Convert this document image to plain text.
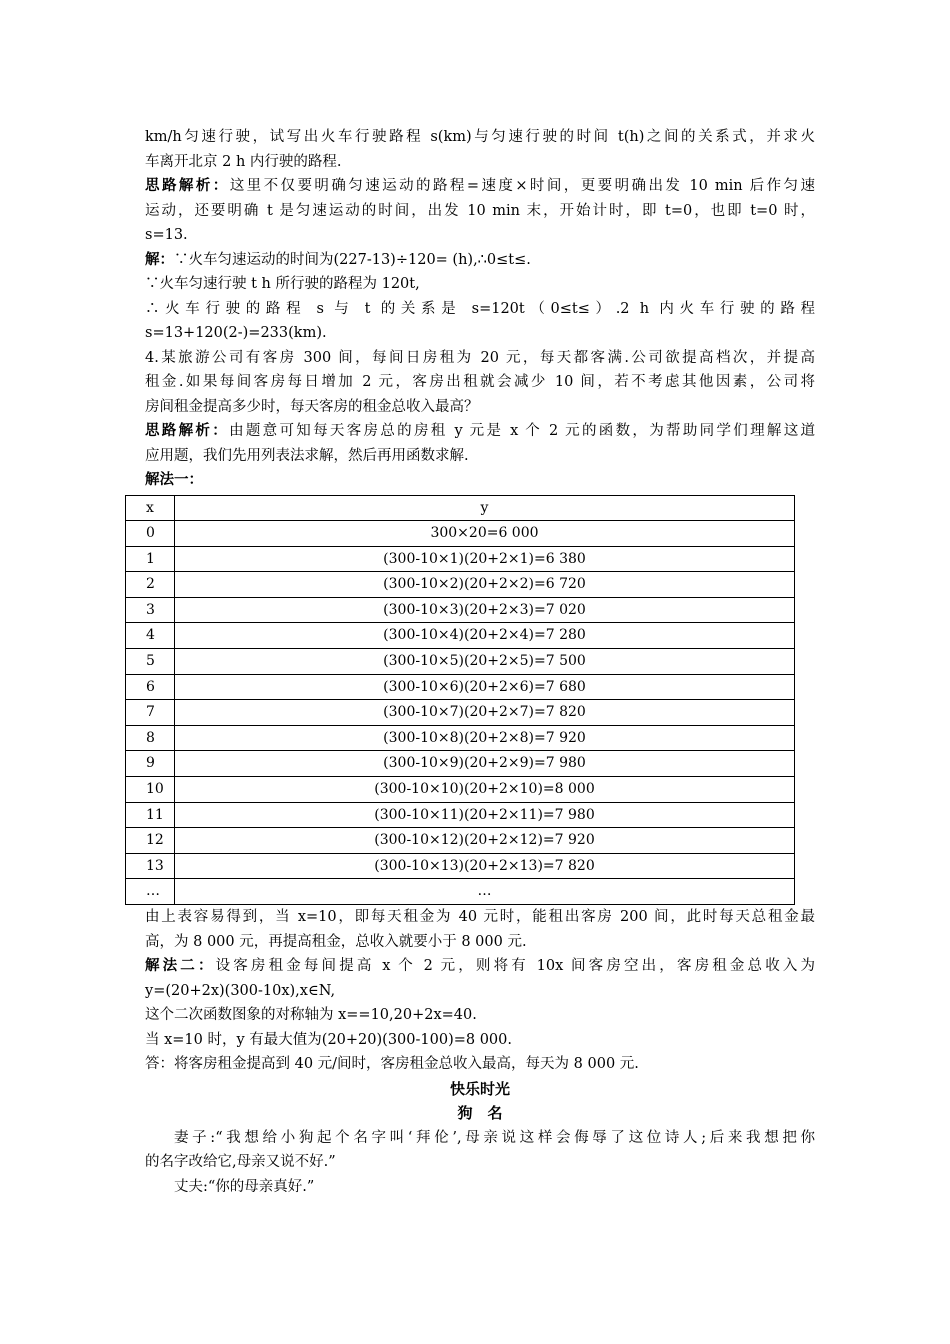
km/h匀速行驶，试写出火车行驶路程 s(km)与匀速行驶的时间 t(h)之间的关系式，并求火

车离开北京 2 h 内行驶的路程.

思路解析：这里不仅要明确匀速运动的路程=速度×时间，更要明确出发 10 min 后作匀速

运动，还要明确 t 是匀速运动的时间，出发 10 min 末，开始计时，即 t=0，也即 t=0 时，

s=13.

解：∵火车匀速运动的时间为(227-13)÷120= (h),∴0≤t≤.

∵火车匀速行驶 t h 所行驶的路程为 120t,

∴火车行驶的路程 s 与 t 的关系是 s=120t（0≤t≤）.2 h 内火车行驶的路程

s=13+120(2-)=233(km).

4.某旅游公司有客房 300 间，每间日房租为 20 元，每天都客满.公司欲提高档次，并提高

租金.如果每间客房每日增加 2 元，客房出租就会减少 10 间，若不考虑其他因素，公司将

房间租金提高多少时，每天客房的租金总收入最高？

思路解析：由题意可知每天客房总的房租 y 元是 x 个 2 元的函数，为帮助同学们理解这道

应用题，我们先用列表法求解，然后再用函数求解.

解法一：

x	y
0	300×20=6 000
1	(300-10×1)(20+2×1)=6 380
2	(300-10×2)(20+2×2)=6 720
3	(300-10×3)(20+2×3)=7 020
4	(300-10×4)(20+2×4)=7 280
5	(300-10×5)(20+2×5)=7 500
6	(300-10×6)(20+2×6)=7 680
7	(300-10×7)(20+2×7)=7 820
8	(300-10×8)(20+2×8)=7 920
9	(300-10×9)(20+2×9)=7 980
10	(300-10×10)(20+2×10)=8 000
11	(300-10×11)(20+2×11)=7 980
12	(300-10×12)(20+2×12)=7 920
13	(300-10×13)(20+2×13)=7 820
…	…

由上表容易得到，当 x=10，即每天租金为 40 元时，能租出客房 200 间，此时每天总租金最

高，为 8 000 元，再提高租金，总收入就要小于 8 000 元.

解法二：设客房租金每间提高 x 个 2 元，则将有 10x 间客房空出，客房租金总收入为

y=(20+2x)(300-10x),x∈N,

这个二次函数图象的对称轴为 x==10,20+2x=40.

当 x=10 时，y 有最大值为(20+20)(300-100)=8 000.

答：将客房租金提高到 40 元/间时，客房租金总收入最高，每天为 8 000 元.

快乐时光

狗　名

妻子:“我想给小狗起个名字叫‘拜伦’,母亲说这样会侮辱了这位诗人;后来我想把你

的名字改给它,母亲又说不好.”

丈夫:“你的母亲真好.”
